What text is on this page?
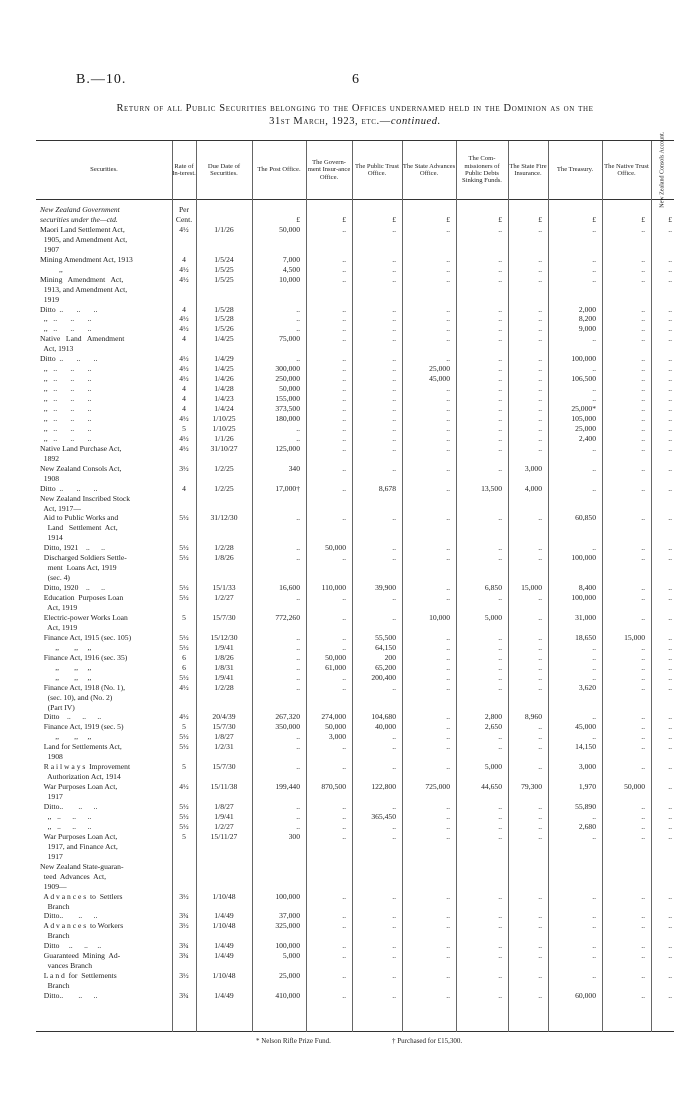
B.—10.	6
Return of all Public Securities belonging to the Offices undernamed held in the Dominion as on the
31st March, 1923, etc.—continued.
Securities.
Rate of In-terest.
Due Date of Securities.
The Post Office.
The Govern-ment Insur-ance Office.
The Public Trust Office.
The State Advances Office.
The Com-missioners of Public Debts Sinking Funds.
The State Fire Insurance.
The Treasury.
The Native Trust Office.	New Zealand Consols Account.
New Zealand Government	Per
securities under the—ctd.	Cent.	£	£	£	£	£	£	£	£	£
Maori Land Settlement Act,	4½	1/1/26	50,000	..	..	..	..	..	..	..	..
1905, and Amendment Act,
1907
Mining Amendment Act, 1913	4	1/5/24	7,000	..	..	..	..	..	..	..	..
,,	4½	1/5/25	4,500	..	..	..	..	..	..	..	..
Mining   Amendment   Act,	4½	1/5/25	10,000	..	..	..	..	..	..	..	..
1913, and Amendment Act,
1919
Ditto  ..       ..       ..	4	1/5/28	..	..	..	..	..	..	2,000	..	..
,,   ..       ..       ..	4½	1/5/28	..	..	..	..	..	..	8,200	..	..
,,   ..       ..       ..	4½	1/5/26	..	..	..	..	..	..	9,000	..	..
Native   Land   Amendment	4	1/4/25	75,000	..	..	..	..	..	..	..	..
Act, 1913
Ditto  ..       ..       ..	4½	1/4/29	..	..	..	..	..	..	100,000	..	..
,,   ..       ..       ..	4½	1/4/25	300,000	..	..	25,000	..	..	..	..	..
,,   ..       ..       ..	4½	1/4/26	250,000	..	..	45,000	..	..	106,500	..	..
,,   ..       ..       ..	4	1/4/28	50,000	..	..	..	..	..	..	..	..
,,   ..       ..       ..	4	1/4/23	155,000	..	..	..	..	..	..	..	..
,,   ..       ..       ..	4	1/4/24	373,500	..	..	..	..	..	25,000*	..	..
,,   ..       ..       ..	4½	1/10/25	180,000	..	..	..	..	..	105,000	..	..
,,   ..       ..       ..	5	1/10/25	..	..	..	..	..	..	25,000	..	..
,,   ..       ..       ..	4½	1/1/26	..	..	..	..	..	..	2,400	..	..
Native Land Purchase Act,	4½	31/10/27	125,000	..	..	..	..	..	..	..	..
1892
New Zealand Consols Act,	3½	1/2/25	340	..	..	..	..	3,000	..	..	..
1908
Ditto  ..       ..       ..	4	1/2/25	17,000†	..	8,678	..	13,500	4,000	..	..	..
New Zealand Inscribed Stock
Act, 1917—
Aid to Public Works and	5½	31/12/30	..	..	..	..	..	..	60,850	..	..
Land   Settlement  Act,
1914
Ditto, 1921    ..      ..	5½	1/2/28	..	50,000	..	..	..	..	..	..	..
Discharged Soldiers Settle-	5½	1/8/26	..	..	..	..	..	..	100,000	..	..
ment  Loans Act, 1919
(sec. 4)
Ditto, 1920    ..      ..	5½	15/1/33	16,600	110,000	39,900	..	6,850	15,000	8,400	..	..
Education  Purposes Loan	5½	1/2/27	..	..	..	..	..	..	100,000	..	..
Act, 1919
Electric-power Works Loan	5	15/7/30	772,260	..	..	10,000	5,000	..	31,000	..	..
Act, 1919
Finance Act, 1915 (sec. 105)	5½	15/12/30	..	..	55,500	..	..	..	18,650	15,000	..
,,        ,,     ,,	5½	1/9/41	..	..	64,150	..	..	..	..	..	..
Finance Act, 1916 (sec. 35)	6	1/8/26	..	50,000	200	..	..	..	..	..	..
,,        ,,     ,,	6	1/8/31	..	61,000	65,200	..	..	..	..	..	..
,,        ,,     ,,	5½	1/9/41	..	..	200,400	..	..	..	..	..	..
Finance Act, 1918 (No. 1),	4½	1/2/28	..	..	..	..	..	..	3,620	..	..
(sec. 10), and (No. 2)
(Part IV)
Ditto    ..      ..      ..	4½	20/4/39	267,320	274,000	104,680	..	2,800	8,960	..	..	..
Finance Act, 1919 (sec. 5)	5	15/7/30	350,000	50,000	40,000	..	2,650	..	45,000	..	..
,,        ,,     ,,	5½	1/8/27	..	3,000	..	..	..	..	..	..	..
Land for Settlements Act,	5½	1/2/31	..	..	..	..	..	..	14,150	..	..
1908
R a i l w a y s  Improvement	5	15/7/30	..	..	..	..	5,000	..	3,000	..	..
Authorization Act, 1914
War Purposes Loan Act,	4½	15/11/38	199,440	870,500	122,800	725,000	44,650	79,300	1,970	50,000	..
1917
Ditto..        ..      ..	5½	1/8/27	..	..	..	..	..	..	55,890	..	..
,,   ..      ..      ..	5½	1/9/41	..	..	365,450	..	..	..	..	..	..
,,   ..      ..      ..	5½	1/2/27	..	..	..	..	..	..	2,680	..	..
War Purposes Loan Act,	5	15/11/27	300	..	..	..	..	..	..	..	..
1917, and Finance Act,
1917
New Zealand State-guaran-
teed  Advances  Act,
1909—
A d v a n c e s  to  Settlers	3½	1/10/48	100,000	..	..	..	..	..	..	..	..
Branch
Ditto..        ..      ..	3¾	1/4/49	37,000	..	..	..	..	..	..	..	..
A d v a n c e s  to Workers	3½	1/10/48	325,000	..	..	..	..	..	..	..	..
Branch
Ditto     ..      ..     ..	3¾	1/4/49	100,000	..	..	..	..	..	..	..	..
Guaranteed  Mining  Ad-	3¾	1/4/49	5,000	..	..	..	..	..	..	..	..
vances Branch
L a n d  for  Settlements	3½	1/10/48	25,000	..	..	..	..	..	..	..	..
Branch
Ditto..        ..      ..	3¾	1/4/49	410,000	..	..	..	..	..	60,000	..	..
* Nelson Rifle Prize Fund.	† Purchased for £15,300.
